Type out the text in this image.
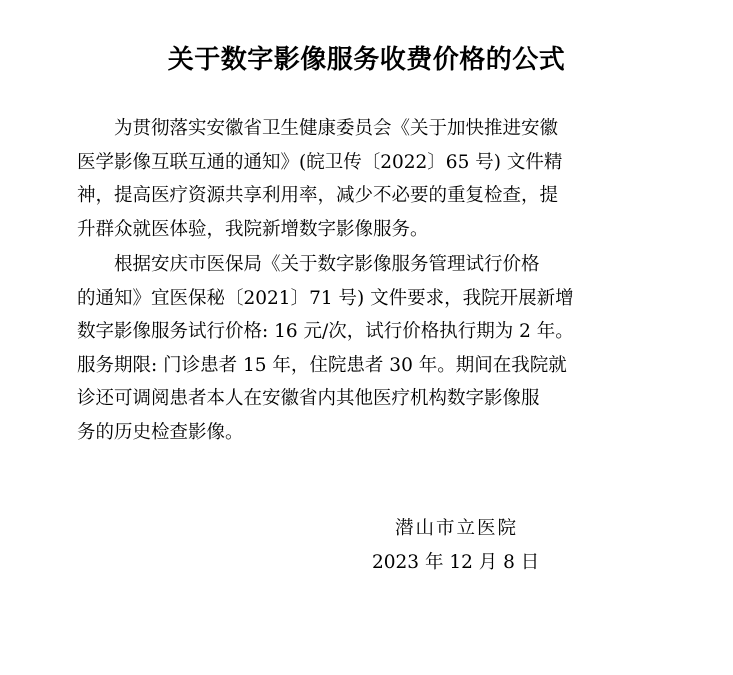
关于数字影像服务收费价格的公式
　　为贯彻落实安徽省卫生健康委员会《关于加快推进安徽
医学影像互联互通的通知》(皖卫传〔2022〕65 号) 文件精
神，提高医疗资源共享利用率，减少不必要的重复检查，提
升群众就医体验，我院新增数字影像服务。
　　根据安庆市医保局《关于数字影像服务管理试行价格
的通知》宜医保秘〔2021〕71 号) 文件要求，我院开展新增
数字影像服务试行价格: 16 元/次，试行价格执行期为 2 年。
服务期限: 门诊患者 15 年，住院患者 30 年。期间在我院就
诊还可调阅患者本人在安徽省内其他医疗机构数字影像服
务的历史检查影像。
潜山市立医院
2023 年 12 月 8 日
